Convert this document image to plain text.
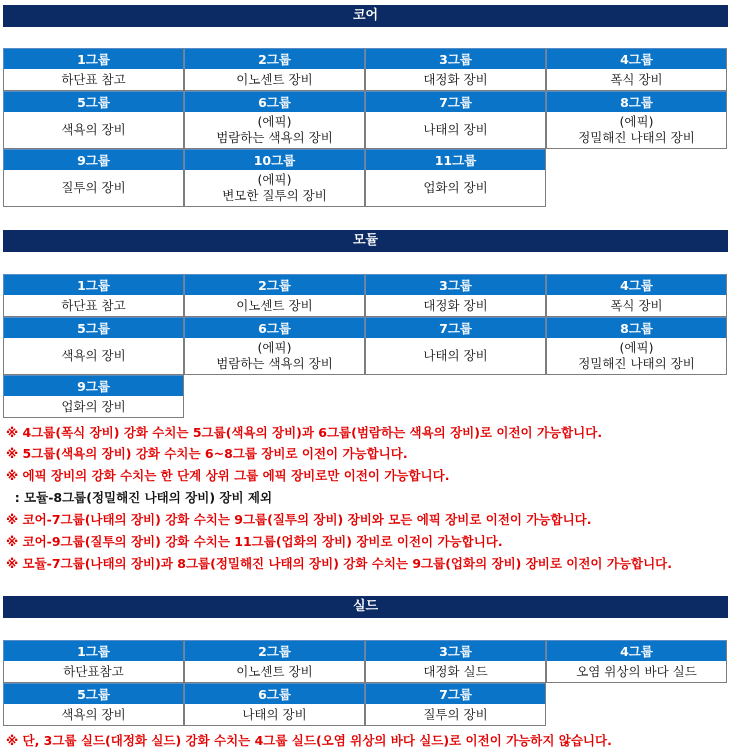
코어
1그룹
하단표 참고
2그룹
이노센트 장비
3그룹
대정화 장비
4그룹
폭식 장비
5그룹
색욕의 장비
6그룹
(에픽)
범람하는 색욕의 장비
7그룹
나태의 장비
8그룹
(에픽)
정밀해진 나태의 장비
9그룹
질투의 장비
10그룹
(에픽)
변모한 질투의 장비
11그룹
업화의 장비
모듈
1그룹
하단표 참고
2그룹
이노센트 장비
3그룹
대정화 장비
4그룹
폭식 장비
5그룹
색욕의 장비
6그룹
(에픽)
범람하는 색욕의 장비
7그룹
나태의 장비
8그룹
(에픽)
정밀해진 나태의 장비
9그룹
업화의 장비
※ 4그룹(폭식 장비) 강화 수치는 5그룹(색욕의 장비)과 6그룹(범람하는 색욕의 장비)로 이전이 가능합니다.
※ 5그룹(색욕의 장비) 강화 수치는 6~8그룹 장비로 이전이 가능합니다.
※ 에픽 장비의 강화 수치는 한 단계 상위 그룹 에픽 장비로만 이전이 가능합니다.
: 모듈-8그룹(정밀해진 나태의 장비) 장비 제외
※ 코어-7그룹(나태의 장비) 강화 수치는 9그룹(질투의 장비) 장비와 모든 에픽 장비로 이전이 가능합니다.
※ 코어-9그룹(질투의 장비) 강화 수치는 11그룹(업화의 장비) 장비로 이전이 가능합니다.
※ 모듈-7그룹(나태의 장비)과 8그룹(정밀해진 나태의 장비) 강화 수치는 9그룹(업화의 장비) 장비로 이전이 가능합니다.
실드
1그룹
하단표참고
2그룹
이노센트 장비
3그룹
대정화 실드
4그룹
오염 위상의 바다 실드
5그룹
색욕의 장비
6그룹
나태의 장비
7그룹
질투의 장비
※ 단, 3그룹 실드(대정화 실드) 강화 수치는 4그룹 실드(오염 위상의 바다 실드)로 이전이 가능하지 않습니다.
